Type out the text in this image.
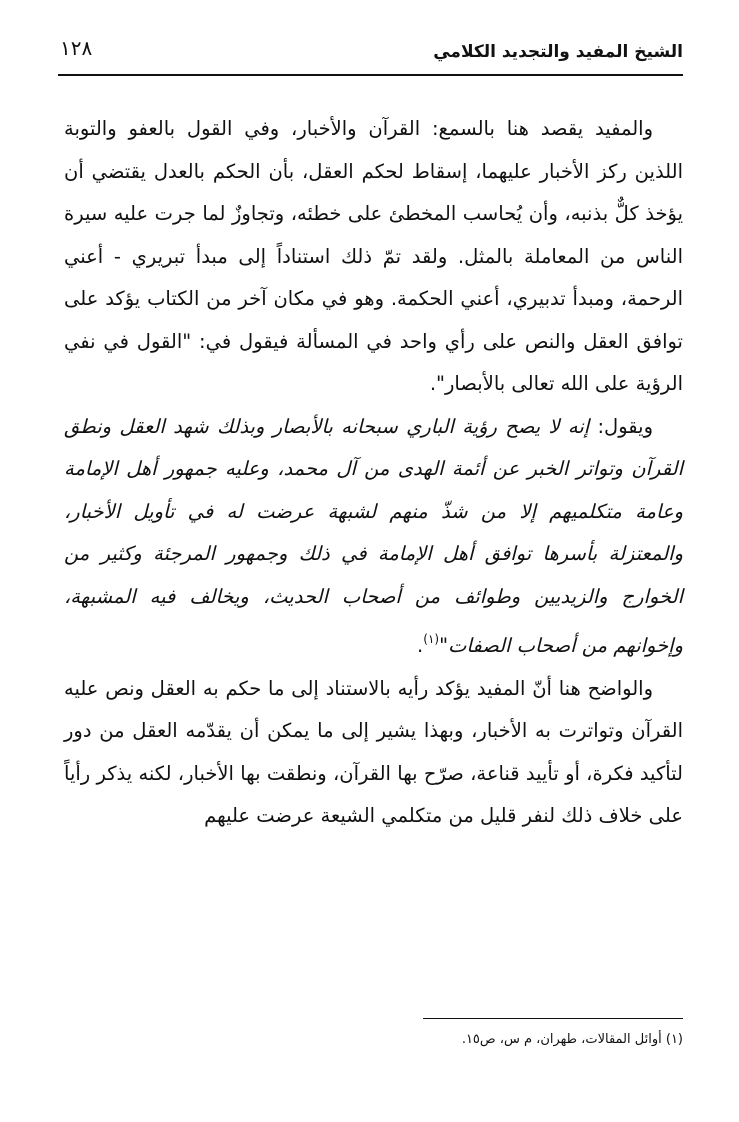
الشيخ المفيد والتجديد الكلامي
١٢٨

والمفيد يقصد هنا بالسمع: القرآن والأخبار، وفي القول بالعفو والتوبة اللذين ركز الأخبار عليهما، إسقاط لحكم العقل، بأن الحكم بالعدل يقتضي أن يؤخذ كلٌّ بذنبه، وأن يُحاسب المخطئ على خطئه، وتجاوزٌ لما جرت عليه سيرة الناس من المعاملة بالمثل. ولقد تمّ ذلك استناداً إلى مبدأ تبريري - أعني الرحمة، ومبدأ تدبيري، أعني الحكمة. وهو في مكان آخر من الكتاب يؤكد على توافق العقل والنص على رأي واحد في المسألة فيقول في: "القول في نفي الرؤية على الله تعالى بالأبصار".

ويقول: إنه لا يصح رؤية الباري سبحانه بالأبصار وبذلك شهد العقل ونطق القرآن وتواتر الخبر عن أئمة الهدى من آل محمد، وعليه جمهور أهل الإمامة وعامة متكلميهم إلا من شذّ منهم لشبهة عرضت له في تأويل الأخبار، والمعتزلة بأسرها توافق أهل الإمامة في ذلك وجمهور المرجئة وكثير من الخوارج والزيديين وطوائف من أصحاب الحديث، ويخالف فيه المشبهة، وإخوانهم من أصحاب الصفات"$^{(١)}$.

والواضح هنا أنّ المفيد يؤكد رأيه بالاستناد إلى ما حكم به العقل ونص عليه القرآن وتواترت به الأخبار، وبهذا يشير إلى ما يمكن أن يقدّمه العقل من دور لتأكيد فكرة، أو تأييد قناعة، صرّح بها القرآن، ونطقت بها الأخبار، لكنه يذكر رأياً على خلاف ذلك لنفر قليل من متكلمي الشيعة عرضت عليهم

(١) أوائل المقالات، طهران، م س، ص١٥.
